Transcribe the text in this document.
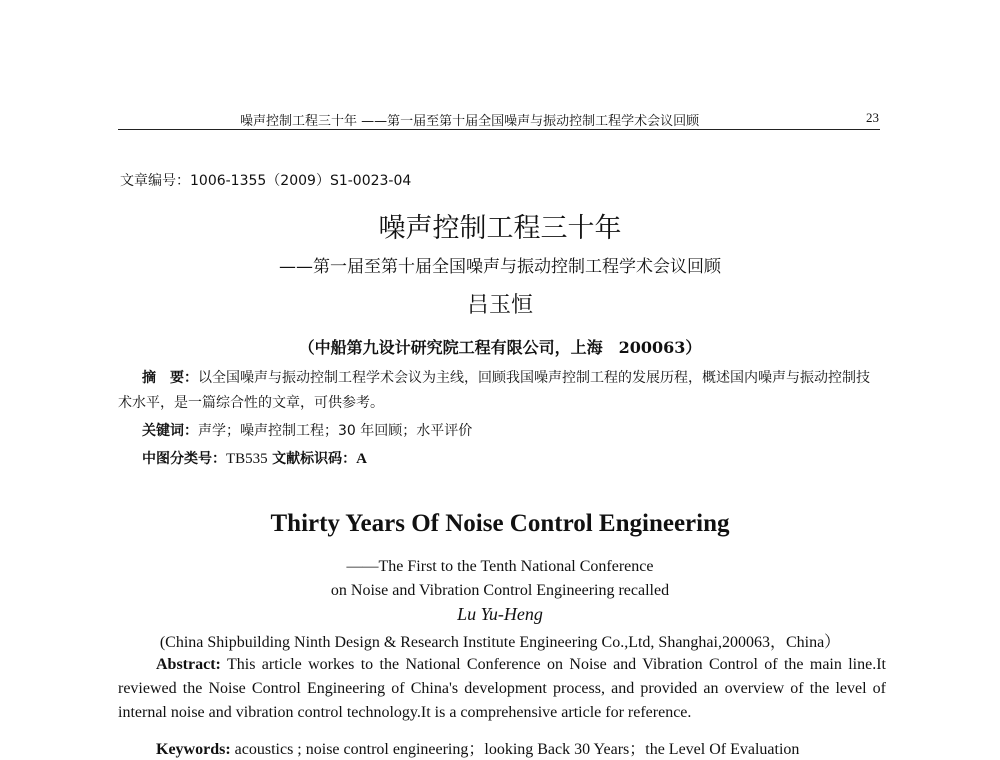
噪声控制工程三十年 ——第一届至第十届全国噪声与振动控制工程学术会议回顾	23
文章编号：1006-1355（2009）S1-0023-04
噪声控制工程三十年
——第一届至第十届全国噪声与振动控制工程学术会议回顾
吕玉恒
（中船第九设计研究院工程有限公司，上海　200063）
摘　要：以全国噪声与振动控制工程学术会议为主线，回顾我国噪声控制工程的发展历程，概述国内噪声与振动控制技术水平，是一篇综合性的文章，可供参考。
关键词：声学；噪声控制工程；30 年回顾；水平评价
中图分类号：TB535 文献标识码：A
Thirty Years Of Noise Control Engineering
——The First to the Tenth National Conference
on Noise and Vibration Control Engineering recalled
Lu Yu-Heng
(China Shipbuilding Ninth Design & Research Institute Engineering Co.,Ltd, Shanghai,200063，China）
Abstract: This article workes to the National Conference on Noise and Vibration Control of the main line.It reviewed the Noise Control Engineering of China's development process, and provided an overview of the level of internal noise and vibration control technology.It is a comprehensive article for reference.
Keywords: acoustics ; noise control engineering；looking Back 30 Years；the Level Of Evaluation
